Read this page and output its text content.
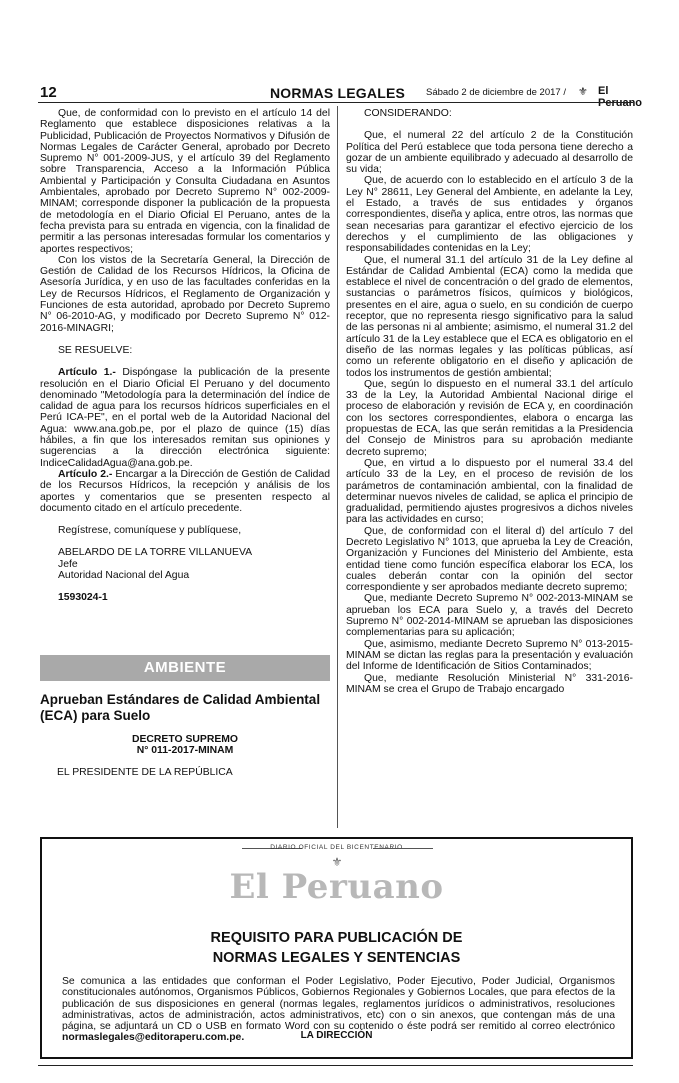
12	NORMAS LEGALES Sábado 2 de diciembre de 2017 / ⚜ El Peruano

Que, de conformidad con lo previsto en el artículo 14 del Reglamento que establece disposiciones relativas a la Publicidad, Publicación de Proyectos Normativos y Difusión de Normas Legales de Carácter General, aprobado por Decreto Supremo N° 001-2009-JUS, y el artículo 39 del Reglamento sobre Transparencia, Acceso a la Información Pública Ambiental y Participación y Consulta Ciudadana en Asuntos Ambientales, aprobado por Decreto Supremo N° 002-2009-MINAM; corresponde disponer la publicación de la propuesta de metodología en el Diario Oficial El Peruano, antes de la fecha prevista para su entrada en vigencia, con la finalidad de permitir a las personas interesadas formular los comentarios y aportes respectivos;

Con los vistos de la Secretaría General, la Dirección de Gestión de Calidad de los Recursos Hídricos, la Oficina de Asesoría Jurídica, y en uso de las facultades conferidas en la Ley de Recursos Hídricos, el Reglamento de Organización y Funciones de esta autoridad, aprobado por Decreto Supremo N° 06-2010-AG, y modificado por Decreto Supremo N° 012-2016-MINAGRI;

SE RESUELVE:

Artículo 1.- Dispóngase la publicación de la presente resolución en el Diario Oficial El Peruano y del documento denominado "Metodología para la determinación del índice de calidad de agua para los recursos hídricos superficiales en el Perú ICA-PE", en el portal web de la Autoridad Nacional del Agua: www.ana.gob.pe, por el plazo de quince (15) días hábiles, a fin que los interesados remitan sus opiniones y sugerencias a la dirección electrónica siguiente: IndiceCalidadAgua@ana.gob.pe.

Artículo 2.- Encargar a la Dirección de Gestión de Calidad de los Recursos Hídricos, la recepción y análisis de los aportes y comentarios que se presenten respecto al documento citado en el artículo precedente.

Regístrese, comuníquese y publíquese,

ABELARDO DE LA TORRE VILLANUEVA

Jefe

Autoridad Nacional del Agua

1593024-1

AMBIENTE
Aprueban Estándares de Calidad Ambiental (ECA) para Suelo
DECRETO SUPREMO
N° 011-2017-MINAM
EL PRESIDENTE DE LA REPÚBLICA

CONSIDERANDO:

Que, el numeral 22 del artículo 2 de la Constitución Política del Perú establece que toda persona tiene derecho a gozar de un ambiente equilibrado y adecuado al desarrollo de su vida;

Que, de acuerdo con lo establecido en el artículo 3 de la Ley N° 28611, Ley General del Ambiente, en adelante la Ley, el Estado, a través de sus entidades y órganos correspondientes, diseña y aplica, entre otros, las normas que sean necesarias para garantizar el efectivo ejercicio de los derechos y el cumplimiento de las obligaciones y responsabilidades contenidas en la Ley;

Que, el numeral 31.1 del artículo 31 de la Ley define al Estándar de Calidad Ambiental (ECA) como la medida que establece el nivel de concentración o del grado de elementos, sustancias o parámetros físicos, químicos y biológicos, presentes en el aire, agua o suelo, en su condición de cuerpo receptor, que no representa riesgo significativo para la salud de las personas ni al ambiente; asimismo, el numeral 31.2 del artículo 31 de la Ley establece que el ECA es obligatorio en el diseño de las normas legales y las políticas públicas, así como un referente obligatorio en el diseño y aplicación de todos los instrumentos de gestión ambiental;

Que, según lo dispuesto en el numeral 33.1 del artículo 33 de la Ley, la Autoridad Ambiental Nacional dirige el proceso de elaboración y revisión de ECA y, en coordinación con los sectores correspondientes, elabora o encarga las propuestas de ECA, las que serán remitidas a la Presidencia del Consejo de Ministros para su aprobación mediante decreto supremo;

Que, en virtud a lo dispuesto por el numeral 33.4 del artículo 33 de la Ley, en el proceso de revisión de los parámetros de contaminación ambiental, con la finalidad de determinar nuevos niveles de calidad, se aplica el principio de gradualidad, permitiendo ajustes progresivos a dichos niveles para las actividades en curso;

Que, de conformidad con el literal d) del artículo 7 del Decreto Legislativo N° 1013, que aprueba la Ley de Creación, Organización y Funciones del Ministerio del Ambiente, esta entidad tiene como función específica elaborar los ECA, los cuales deberán contar con la opinión del sector correspondiente y ser aprobados mediante decreto supremo;

Que, mediante Decreto Supremo N° 002-2013-MINAM se aprueban los ECA para Suelo y, a través del Decreto Supremo N° 002-2014-MINAM se aprueban las disposiciones complementarias para su aplicación;

Que, asimismo, mediante Decreto Supremo N° 013-2015-MINAM se dictan las reglas para la presentación y evaluación del Informe de Identificación de Sitios Contaminados;

Que, mediante Resolución Ministerial N° 331-2016-MINAM se crea el Grupo de Trabajo encargado

DIARIO OFICIAL DEL BICENTENARIO
⚜
El Peruano
REQUISITO PARA PUBLICACIÓN DE
NORMAS LEGALES Y SENTENCIAS
Se comunica a las entidades que conforman el Poder Legislativo, Poder Ejecutivo, Poder Judicial, Organismos constitucionales autónomos, Organismos Públicos, Gobiernos Regionales y Gobiernos Locales, que para efectos de la publicación de sus disposiciones en general (normas legales, reglamentos jurídicos o administrativos, resoluciones administrativas, actos de administración, actos administrativos, etc) con o sin anexos, que contengan más de una página, se adjuntará un CD o USB en formato Word con su contenido o éste podrá ser remitido al correo electrónico normaslegales@editoraperu.com.pe.	LA DIRECCIÓN
